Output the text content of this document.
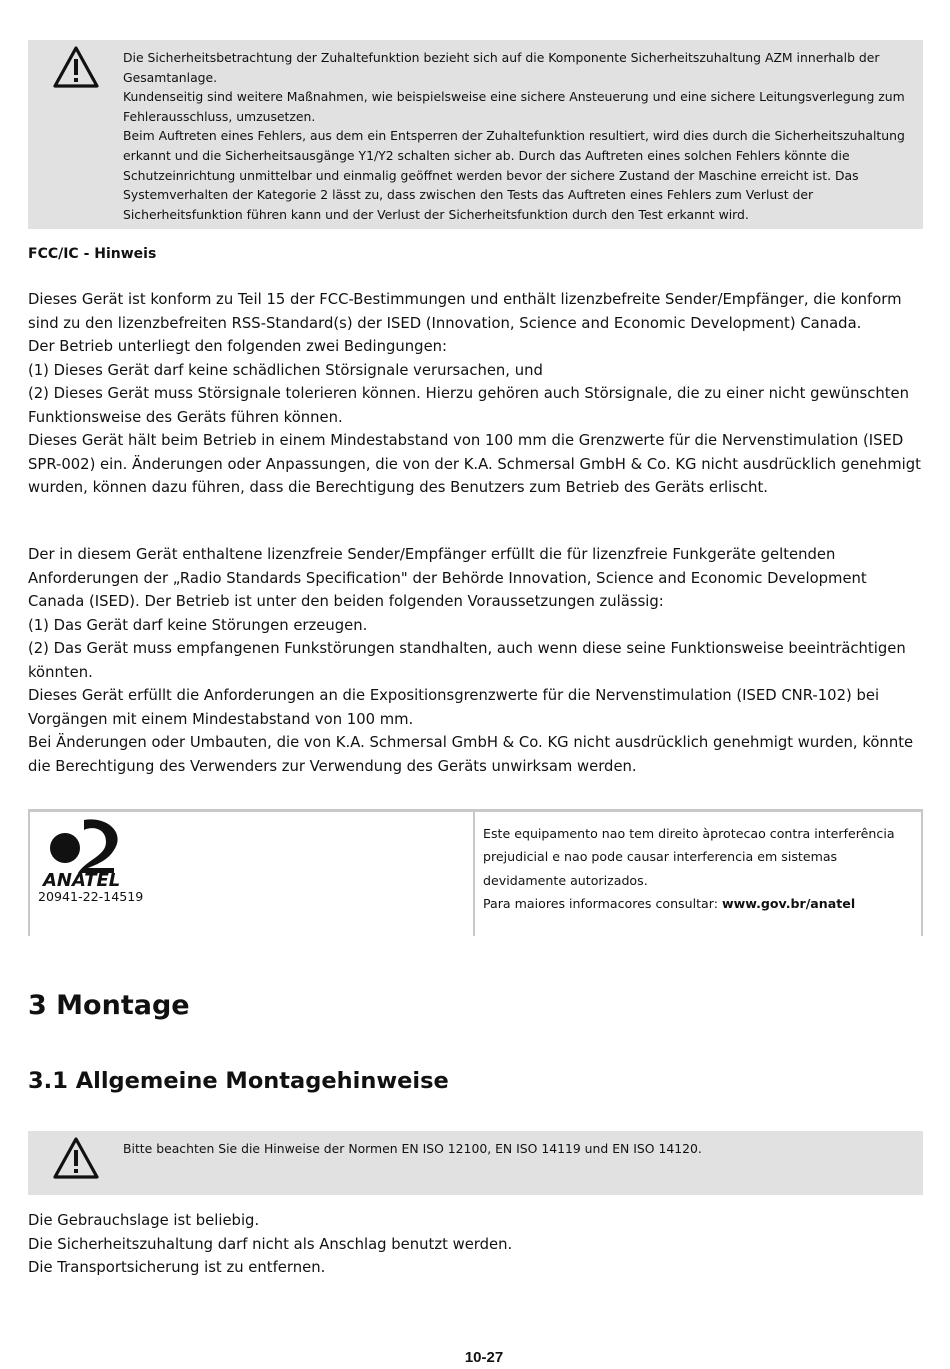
Die Sicherheitsbetrachtung der Zuhaltefunktion bezieht sich auf die Komponente Sicherheitszuhaltung AZM innerhalb der Gesamtanlage.

Kundenseitig sind weitere Maßnahmen, wie beispielsweise eine sichere Ansteuerung und eine sichere Leitungsverlegung zum Fehlerausschluss, umzusetzen.

Beim Auftreten eines Fehlers, aus dem ein Entsperren der Zuhaltefunktion resultiert, wird dies durch die Sicherheitszuhaltung erkannt und die Sicherheitsausgänge Y1/Y2 schalten sicher ab. Durch das Auftreten eines solchen Fehlers könnte die Schutzeinrichtung unmittelbar und einmalig geöffnet werden bevor der sichere Zustand der Maschine erreicht ist. Das Systemverhalten der Kategorie 2 lässt zu, dass zwischen den Tests das Auftreten eines Fehlers zum Verlust der Sicherheitsfunktion führen kann und der Verlust der Sicherheitsfunktion durch den Test erkannt wird.

FCC/IC - Hinweis

Dieses Gerät ist konform zu Teil 15 der FCC-Bestimmungen und enthält lizenzbefreite Sender/Empfänger, die konform sind zu den lizenzbefreiten RSS-Standard(s) der ISED (Innovation, Science and Economic Development) Canada.

Der Betrieb unterliegt den folgenden zwei Bedingungen:

(1) Dieses Gerät darf keine schädlichen Störsignale verursachen, und

(2) Dieses Gerät muss Störsignale tolerieren können. Hierzu gehören auch Störsignale, die zu einer nicht gewünschten Funktionsweise des Geräts führen können.

Dieses Gerät hält beim Betrieb in einem Mindestabstand von 100 mm die Grenzwerte für die Nervenstimulation (ISED SPR-002) ein. Änderungen oder Anpassungen, die von der K.A. Schmersal GmbH & Co. KG nicht ausdrücklich genehmigt wurden, können dazu führen, dass die Berechtigung des Benutzers zum Betrieb des Geräts erlischt.

Der in diesem Gerät enthaltene lizenzfreie Sender/Empfänger erfüllt die für lizenzfreie Funkgeräte geltenden Anforderungen der „Radio Standards Specification" der Behörde Innovation, Science and Economic Development Canada (ISED). Der Betrieb ist unter den beiden folgenden Voraussetzungen zulässig:

(1) Das Gerät darf keine Störungen erzeugen.

(2) Das Gerät muss empfangenen Funkstörungen standhalten, auch wenn diese seine Funktionsweise beeinträchtigen könnten.

Dieses Gerät erfüllt die Anforderungen an die Expositionsgrenzwerte für die Nervenstimulation (ISED CNR-102) bei Vorgängen mit einem Mindestabstand von 100 mm.

Bei Änderungen oder Umbauten, die von K.A. Schmersal GmbH & Co. KG nicht ausdrücklich genehmigt wurden, könnte die Berechtigung des Verwenders zur Verwendung des Geräts unwirksam werden.

ANATEL
20941-22-14519

Este equipamento nao tem direito àprotecao contra interferência

prejudicial e nao pode causar interferencia em sistemas

devidamente autorizados.

Para maiores informacores consultar: www.gov.br/anatel

3 Montage
3.1 Allgemeine Montagehinweise

Bitte beachten Sie die Hinweise der Normen EN ISO 12100, EN ISO 14119 und EN ISO 14120.

Die Gebrauchslage ist beliebig.

Die Sicherheitszuhaltung darf nicht als Anschlag benutzt werden.

Die Transportsicherung ist zu entfernen.

10-27
